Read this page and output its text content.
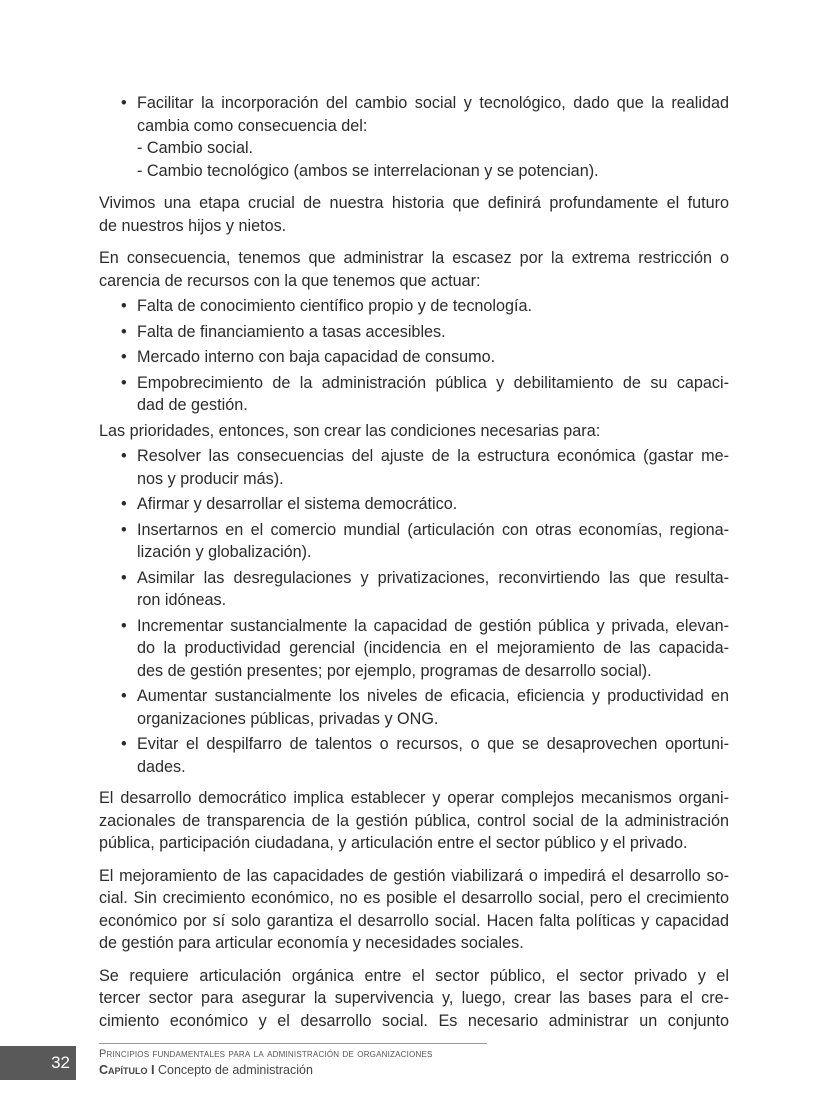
• Facilitar la incorporación del cambio social y tecnológico, dado que la realidad
cambia como consecuencia del:
- Cambio social.
- Cambio tecnológico (ambos se interrelacionan y se potencian).
Vivimos una etapa crucial de nuestra historia que definirá profundamente el futuro
de nuestros hijos y nietos.
En consecuencia, tenemos que administrar la escasez por la extrema restricción o
carencia de recursos con la que tenemos que actuar:
• Falta de conocimiento científico propio y de tecnología.
• Falta de financiamiento a tasas accesibles.
• Mercado interno con baja capacidad de consumo.
• Empobrecimiento de la administración pública y debilitamiento de su capaci-
dad de gestión.
Las prioridades, entonces, son crear las condiciones necesarias para:
• Resolver las consecuencias del ajuste de la estructura económica (gastar me-
nos y producir más).
• Afirmar y desarrollar el sistema democrático.
• Insertarnos en el comercio mundial (articulación con otras economías, regiona-
lización y globalización).
• Asimilar las desregulaciones y privatizaciones, reconvirtiendo las que resulta-
ron idóneas.
• Incrementar sustancialmente la capacidad de gestión pública y privada, elevan-
do la productividad gerencial (incidencia en el mejoramiento de las capacida-
des de gestión presentes; por ejemplo, programas de desarrollo social).
• Aumentar sustancialmente los niveles de eficacia, eficiencia y productividad en
organizaciones públicas, privadas y ONG.
• Evitar el despilfarro de talentos o recursos, o que se desaprovechen oportuni-
dades.
El desarrollo democrático implica establecer y operar complejos mecanismos organi-
zacionales de transparencia de la gestión pública, control social de la administración
pública, participación ciudadana, y articulación entre el sector público y el privado.
El mejoramiento de las capacidades de gestión viabilizará o impedirá el desarrollo so-
cial. Sin crecimiento económico, no es posible el desarrollo social, pero el crecimiento
económico por sí solo garantiza el desarrollo social. Hacen falta políticas y capacidad
de gestión para articular economía y necesidades sociales.
Se requiere articulación orgánica entre el sector público, el sector privado y el
tercer sector para asegurar la supervivencia y, luego, crear las bases para el cre-
cimiento económico y el desarrollo social. Es necesario administrar un conjunto
32	Principios fundamentales para la administración de organizaciones
Capítulo I Concepto de administración
